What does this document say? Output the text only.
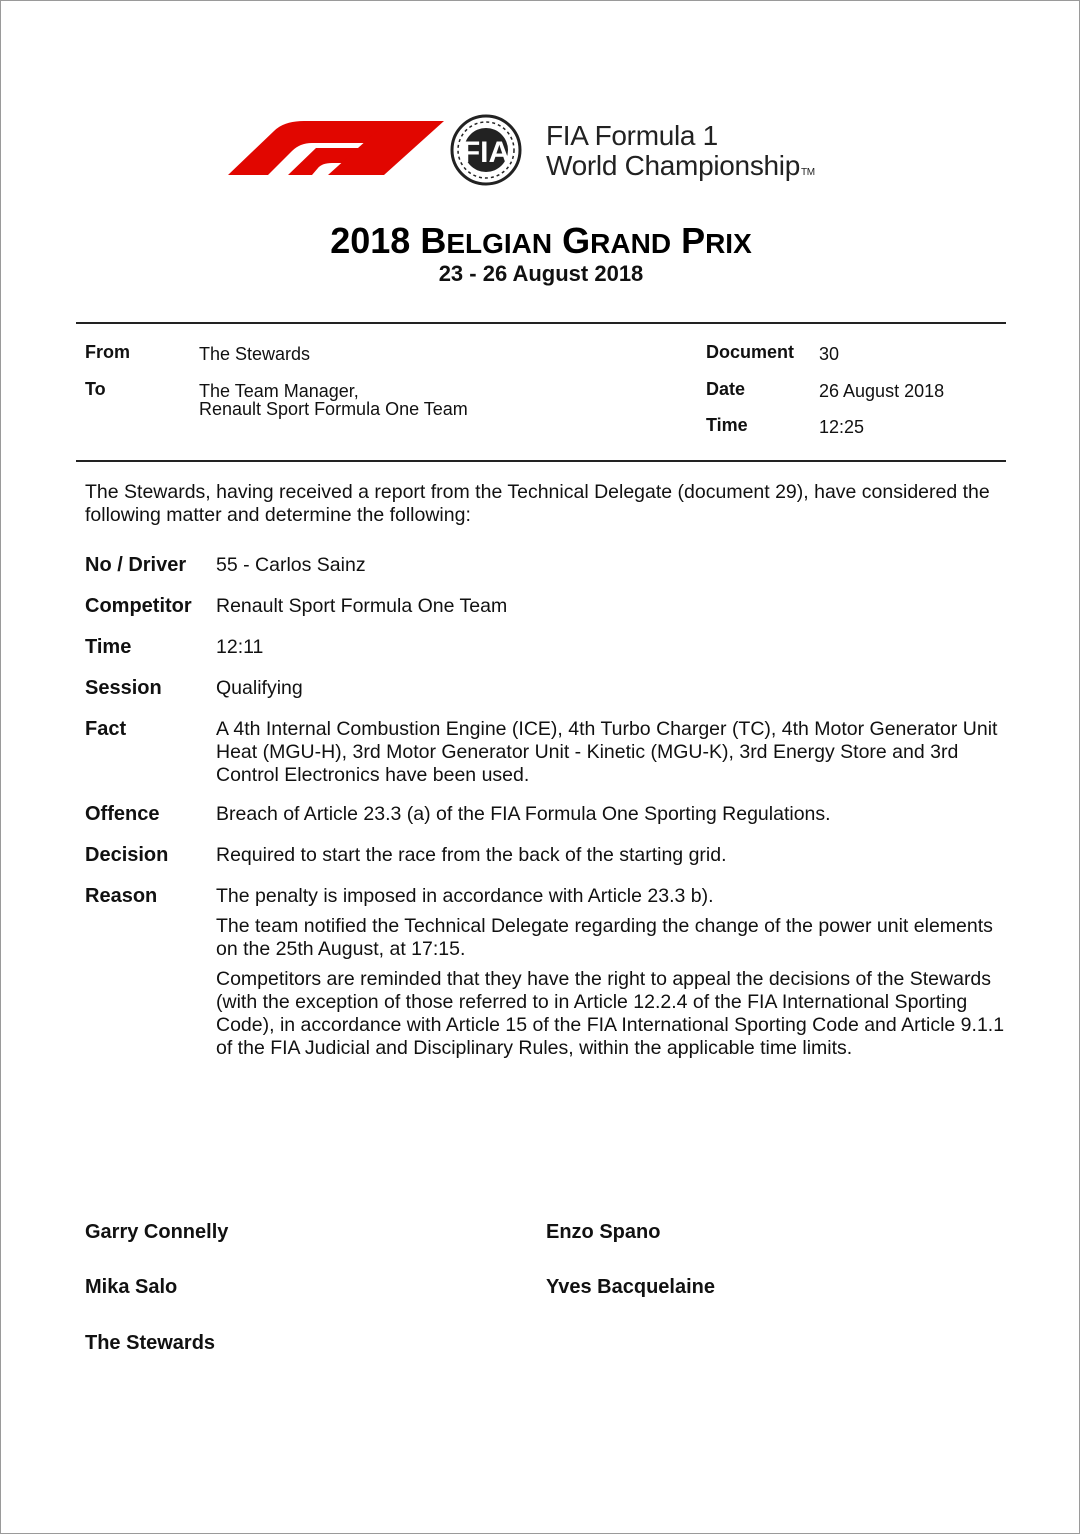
FIA
FIA Formula 1
World ChampionshipTM
2018 BELGIAN GRAND PRIX
23 - 26 August 2018
From	The Stewards
To	The Team Manager,
Renault Sport Formula One Team
Document 30
Date	26 August 2018
Time	12:25
The Stewards, having received a report from the Technical Delegate (document 29), have considered the following matter and determine the following:
No / Driver 55 - Carlos Sainz
Competitor Renault Sport Formula One Team
Time	12:11
Session	Qualifying
Fact	A 4th Internal Combustion Engine (ICE), 4th Turbo Charger (TC), 4th Motor Generator Unit Heat (MGU-H), 3rd Motor Generator Unit - Kinetic (MGU-K), 3rd Energy Store and 3rd Control Electronics have been used.
Offence	Breach of Article 23.3 (a) of the FIA Formula One Sporting Regulations.
Decision Required to start the race from the back of the starting grid.
Reason	The penalty is imposed in accordance with Article 23.3 b).

The team notified the Technical Delegate regarding the change of the power unit elements on the 25th August, at 17:15.

Competitors are reminded that they have the right to appeal the decisions of the Stewards (with the exception of those referred to in Article 12.2.4 of the FIA International Sporting Code), in accordance with Article 15 of the FIA International Sporting Code and Article 9.1.1 of the FIA Judicial and Disciplinary Rules, within the applicable time limits.

Garry Connelly	Enzo Spano
Mika Salo	Yves Bacquelaine
The Stewards
